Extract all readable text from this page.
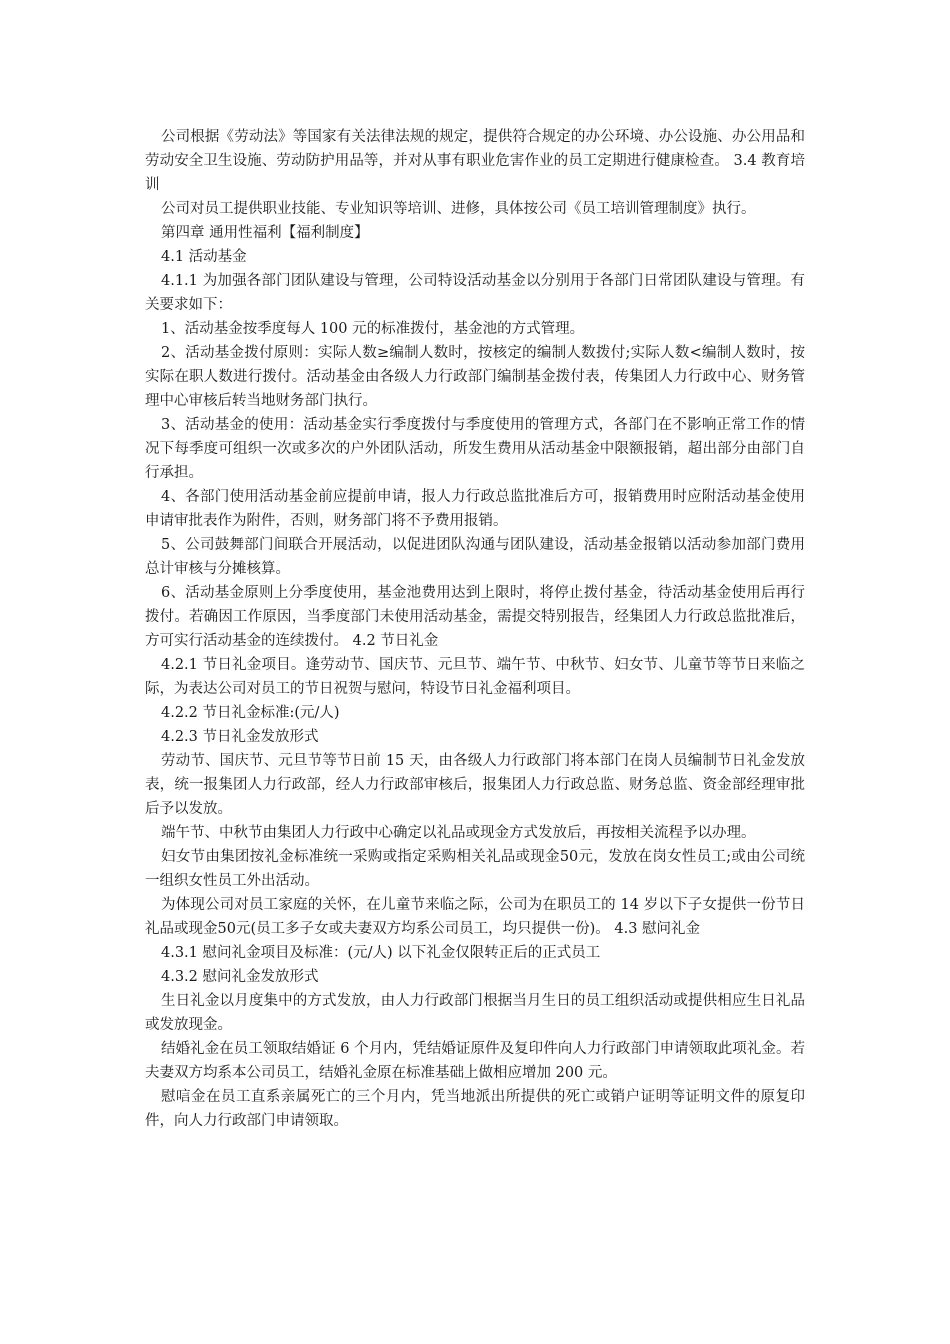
公司根据《劳动法》等国家有关法律法规的规定，提供符合规定的办公环境、办公设施、办公用品和劳动安全卫生设施、劳动防护用品等，并对从事有职业危害作业的员工定期进行健康检查。 3.4 教育培训

公司对员工提供职业技能、专业知识等培训、进修，具体按公司《员工培训管理制度》执行。

第四章 通用性福利【福利制度】

4.1 活动基金

4.1.1 为加强各部门团队建设与管理，公司特设活动基金以分别用于各部门日常团队建设与管理。有关要求如下：

1、活动基金按季度每人 100 元的标准拨付，基金池的方式管理。

2、活动基金拨付原则：实际人数≥编制人数时，按核定的编制人数拨付;实际人数<编制人数时，按实际在职人数进行拨付。活动基金由各级人力行政部门编制基金拨付表，传集团人力行政中心、财务管理中心审核后转当地财务部门执行。

3、活动基金的使用：活动基金实行季度拨付与季度使用的管理方式，各部门在不影响正常工作的情况下每季度可组织一次或多次的户外团队活动，所发生费用从活动基金中限额报销，超出部分由部门自行承担。

4、各部门使用活动基金前应提前申请，报人力行政总监批准后方可，报销费用时应附活动基金使用申请审批表作为附件，否则，财务部门将不予费用报销。

5、公司鼓舞部门间联合开展活动，以促进团队沟通与团队建设，活动基金报销以活动参加部门费用总计审核与分摊核算。

6、活动基金原则上分季度使用，基金池费用达到上限时，将停止拨付基金，待活动基金使用后再行拨付。若确因工作原因，当季度部门未使用活动基金，需提交特别报告，经集团人力行政总监批准后，方可实行活动基金的连续拨付。 4.2 节日礼金

4.2.1 节日礼金项目。逢劳动节、国庆节、元旦节、端午节、中秋节、妇女节、儿童节等节日来临之际，为表达公司对员工的节日祝贺与慰问，特设节日礼金福利项目。

4.2.2 节日礼金标准:(元/人)

4.2.3 节日礼金发放形式

劳动节、国庆节、元旦节等节日前 15 天，由各级人力行政部门将本部门在岗人员编制节日礼金发放表，统一报集团人力行政部，经人力行政部审核后，报集团人力行政总监、财务总监、资金部经理审批后予以发放。

端午节、中秋节由集团人力行政中心确定以礼品或现金方式发放后，再按相关流程予以办理。

妇女节由集团按礼金标准统一采购或指定采购相关礼品或现金50元，发放在岗女性员工;或由公司统一组织女性员工外出活动。

为体现公司对员工家庭的关怀，在儿童节来临之际，公司为在职员工的 14 岁以下子女提供一份节日礼品或现金50元(员工多子女或夫妻双方均系公司员工，均只提供一份)。 4.3 慰问礼金

4.3.1 慰问礼金项目及标准：(元/人) 以下礼金仅限转正后的正式员工

4.3.2 慰问礼金发放形式

生日礼金以月度集中的方式发放，由人力行政部门根据当月生日的员工组织活动或提供相应生日礼品或发放现金。

结婚礼金在员工领取结婚证 6 个月内，凭结婚证原件及复印件向人力行政部门申请领取此项礼金。若夫妻双方均系本公司员工，结婚礼金原在标准基础上做相应增加 200 元。

慰唁金在员工直系亲属死亡的三个月内，凭当地派出所提供的死亡或销户证明等证明文件的原复印件，向人力行政部门申请领取。
